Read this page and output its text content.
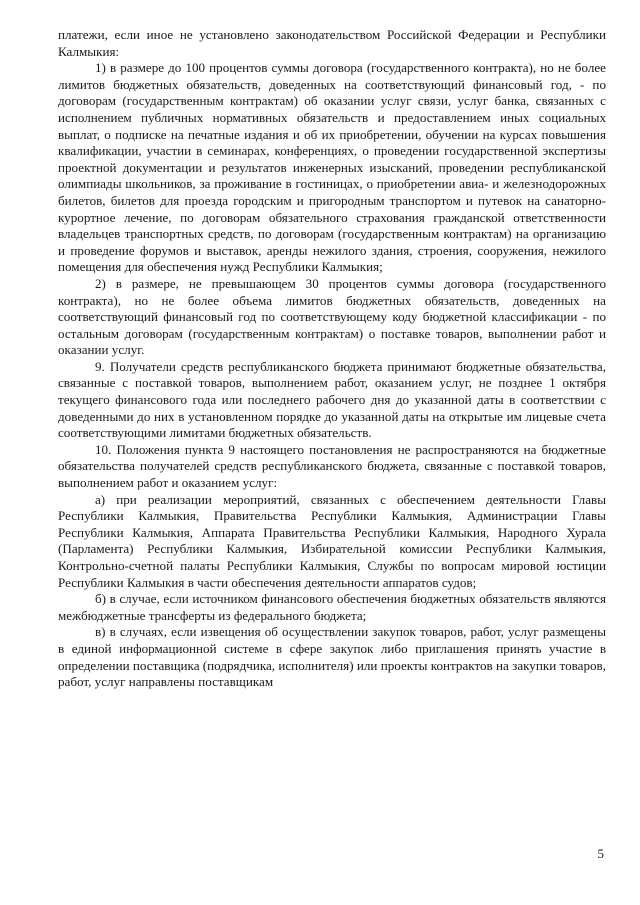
платежи, если иное не установлено законодательством Российской Федерации и Республики Калмыкия:

1) в размере до 100 процентов суммы договора (государственного контракта), но не более лимитов бюджетных обязательств, доведенных на соответствующий финансовый год, - по договорам (государственным контрактам) об оказании услуг связи, услуг банка, связанных с исполнением публичных нормативных обязательств и предоставлением иных социальных выплат, о подписке на печатные издания и об их приобретении, обучении на курсах повышения квалификации, участии в семинарах, конференциях, о проведении государственной экспертизы проектной документации и результатов инженерных изысканий, проведении республиканской олимпиады школьников, за проживание в гостиницах, о приобретении авиа- и железнодорожных билетов, билетов для проезда городским и пригородным транспортом и путевок на санаторно-курортное лечение, по договорам обязательного страхования гражданской ответственности владельцев транспортных средств, по договорам (государственным контрактам) на организацию и проведение форумов и выставок, аренды нежилого здания, строения, сооружения, нежилого помещения для обеспечения нужд Республики Калмыкия;

2) в размере, не превышающем 30 процентов суммы договора (государственного контракта), но не более объема лимитов бюджетных обязательств, доведенных на соответствующий финансовый год по соответствующему коду бюджетной классификации - по остальным договорам (государственным контрактам) о поставке товаров, выполнении работ и оказании услуг.

9. Получатели средств республиканского бюджета принимают бюджетные обязательства, связанные с поставкой товаров, выполнением работ, оказанием услуг, не позднее 1 октября текущего финансового года или последнего рабочего дня до указанной даты в соответствии с доведенными до них в установленном порядке до указанной даты на открытые им лицевые счета соответствующими лимитами бюджетных обязательств.

10. Положения пункта 9 настоящего постановления не распространяются на бюджетные обязательства получателей средств республиканского бюджета, связанные с поставкой товаров, выполнением работ и оказанием услуг:

а) при реализации мероприятий, связанных с обеспечением деятельности Главы Республики Калмыкия, Правительства Республики Калмыкия, Администрации Главы Республики Калмыкия, Аппарата Правительства Республики Калмыкия, Народного Хурала (Парламента) Республики Калмыкия, Избирательной комиссии Республики Калмыкия, Контрольно-счетной палаты Республики Калмыкия, Службы по вопросам мировой юстиции Республики Калмыкия в части обеспечения деятельности аппаратов судов;

б) в случае, если источником финансового обеспечения бюджетных обязательств являются межбюджетные трансферты из федерального бюджета;

в) в случаях, если извещения об осуществлении закупок товаров, работ, услуг размещены в единой информационной системе в сфере закупок либо приглашения принять участие в определении поставщика (подрядчика, исполнителя) или проекты контрактов на закупки товаров, работ, услуг направлены поставщикам

5
